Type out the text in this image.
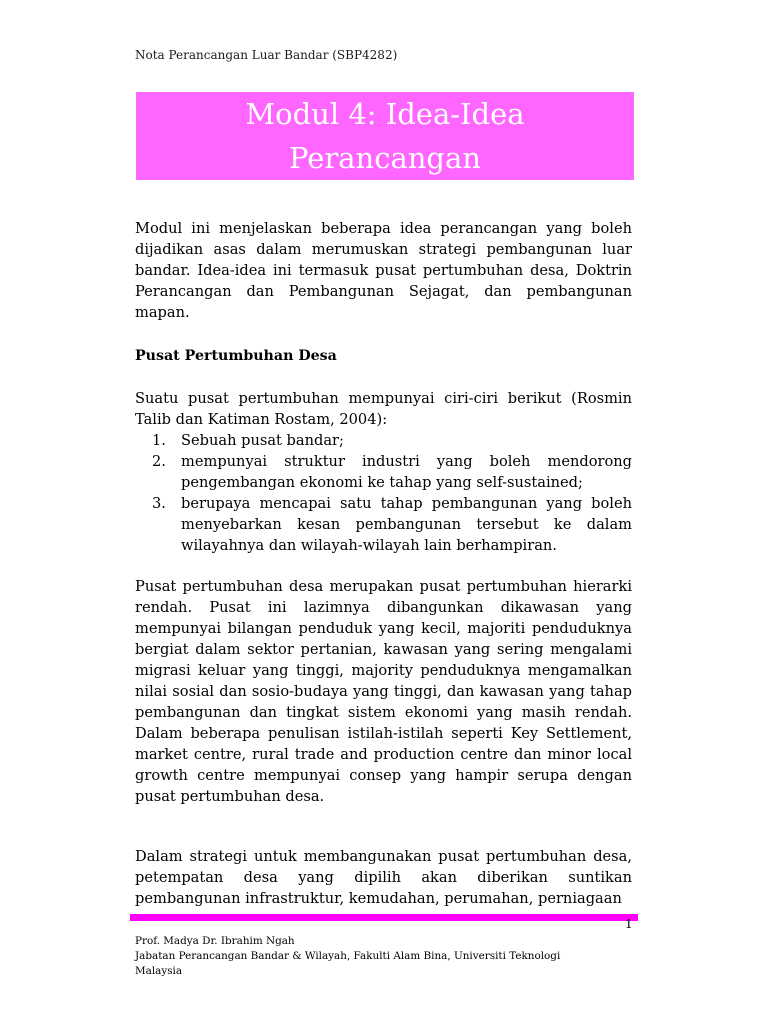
Nota Perancangan Luar Bandar (SBP4282)
Modul 4: Idea-Idea
Perancangan
Modul ini menjelaskan beberapa idea perancangan yang boleh dijadikan asas dalam merumuskan strategi pembangunan luar bandar. Idea-idea ini termasuk pusat pertumbuhan desa, Doktrin Perancangan dan Pembangunan Sejagat, dan pembangunan mapan.
Pusat Pertumbuhan Desa
Suatu pusat pertumbuhan mempunyai ciri-ciri berikut (Rosmin Talib dan Katiman Rostam, 2004):
1.	Sebuah pusat bandar;
2.	mempunyai struktur industri yang boleh mendorong pengembangan ekonomi ke tahap yang self-sustained;
3.	berupaya mencapai satu tahap pembangunan yang boleh menyebarkan kesan pembangunan tersebut ke dalam wilayahnya dan wilayah-wilayah lain berhampiran.
Pusat pertumbuhan desa merupakan pusat pertumbuhan hierarki rendah. Pusat ini lazimnya dibangunkan dikawasan yang mempunyai bilangan penduduk yang kecil, majoriti penduduknya bergiat dalam sektor pertanian, kawasan yang sering mengalami migrasi keluar yang tinggi, majority penduduknya mengamalkan nilai sosial dan sosio-budaya yang tinggi, dan kawasan yang tahap pembangunan dan tingkat sistem ekonomi yang masih rendah. Dalam beberapa penulisan istilah-istilah seperti Key Settlement, market centre, rural trade and production centre dan minor local growth centre mempunyai consep yang hampir serupa dengan pusat pertumbuhan desa.
Dalam strategi untuk membangunakan pusat pertumbuhan desa, petempatan desa yang dipilih akan diberikan suntikan pembangunan infrastruktur, kemudahan, perumahan, perniagaan
1
Prof. Madya Dr. Ibrahim Ngah
Jabatan Perancangan Bandar & Wilayah, Fakulti Alam Bina, Universiti Teknologi
Malaysia
